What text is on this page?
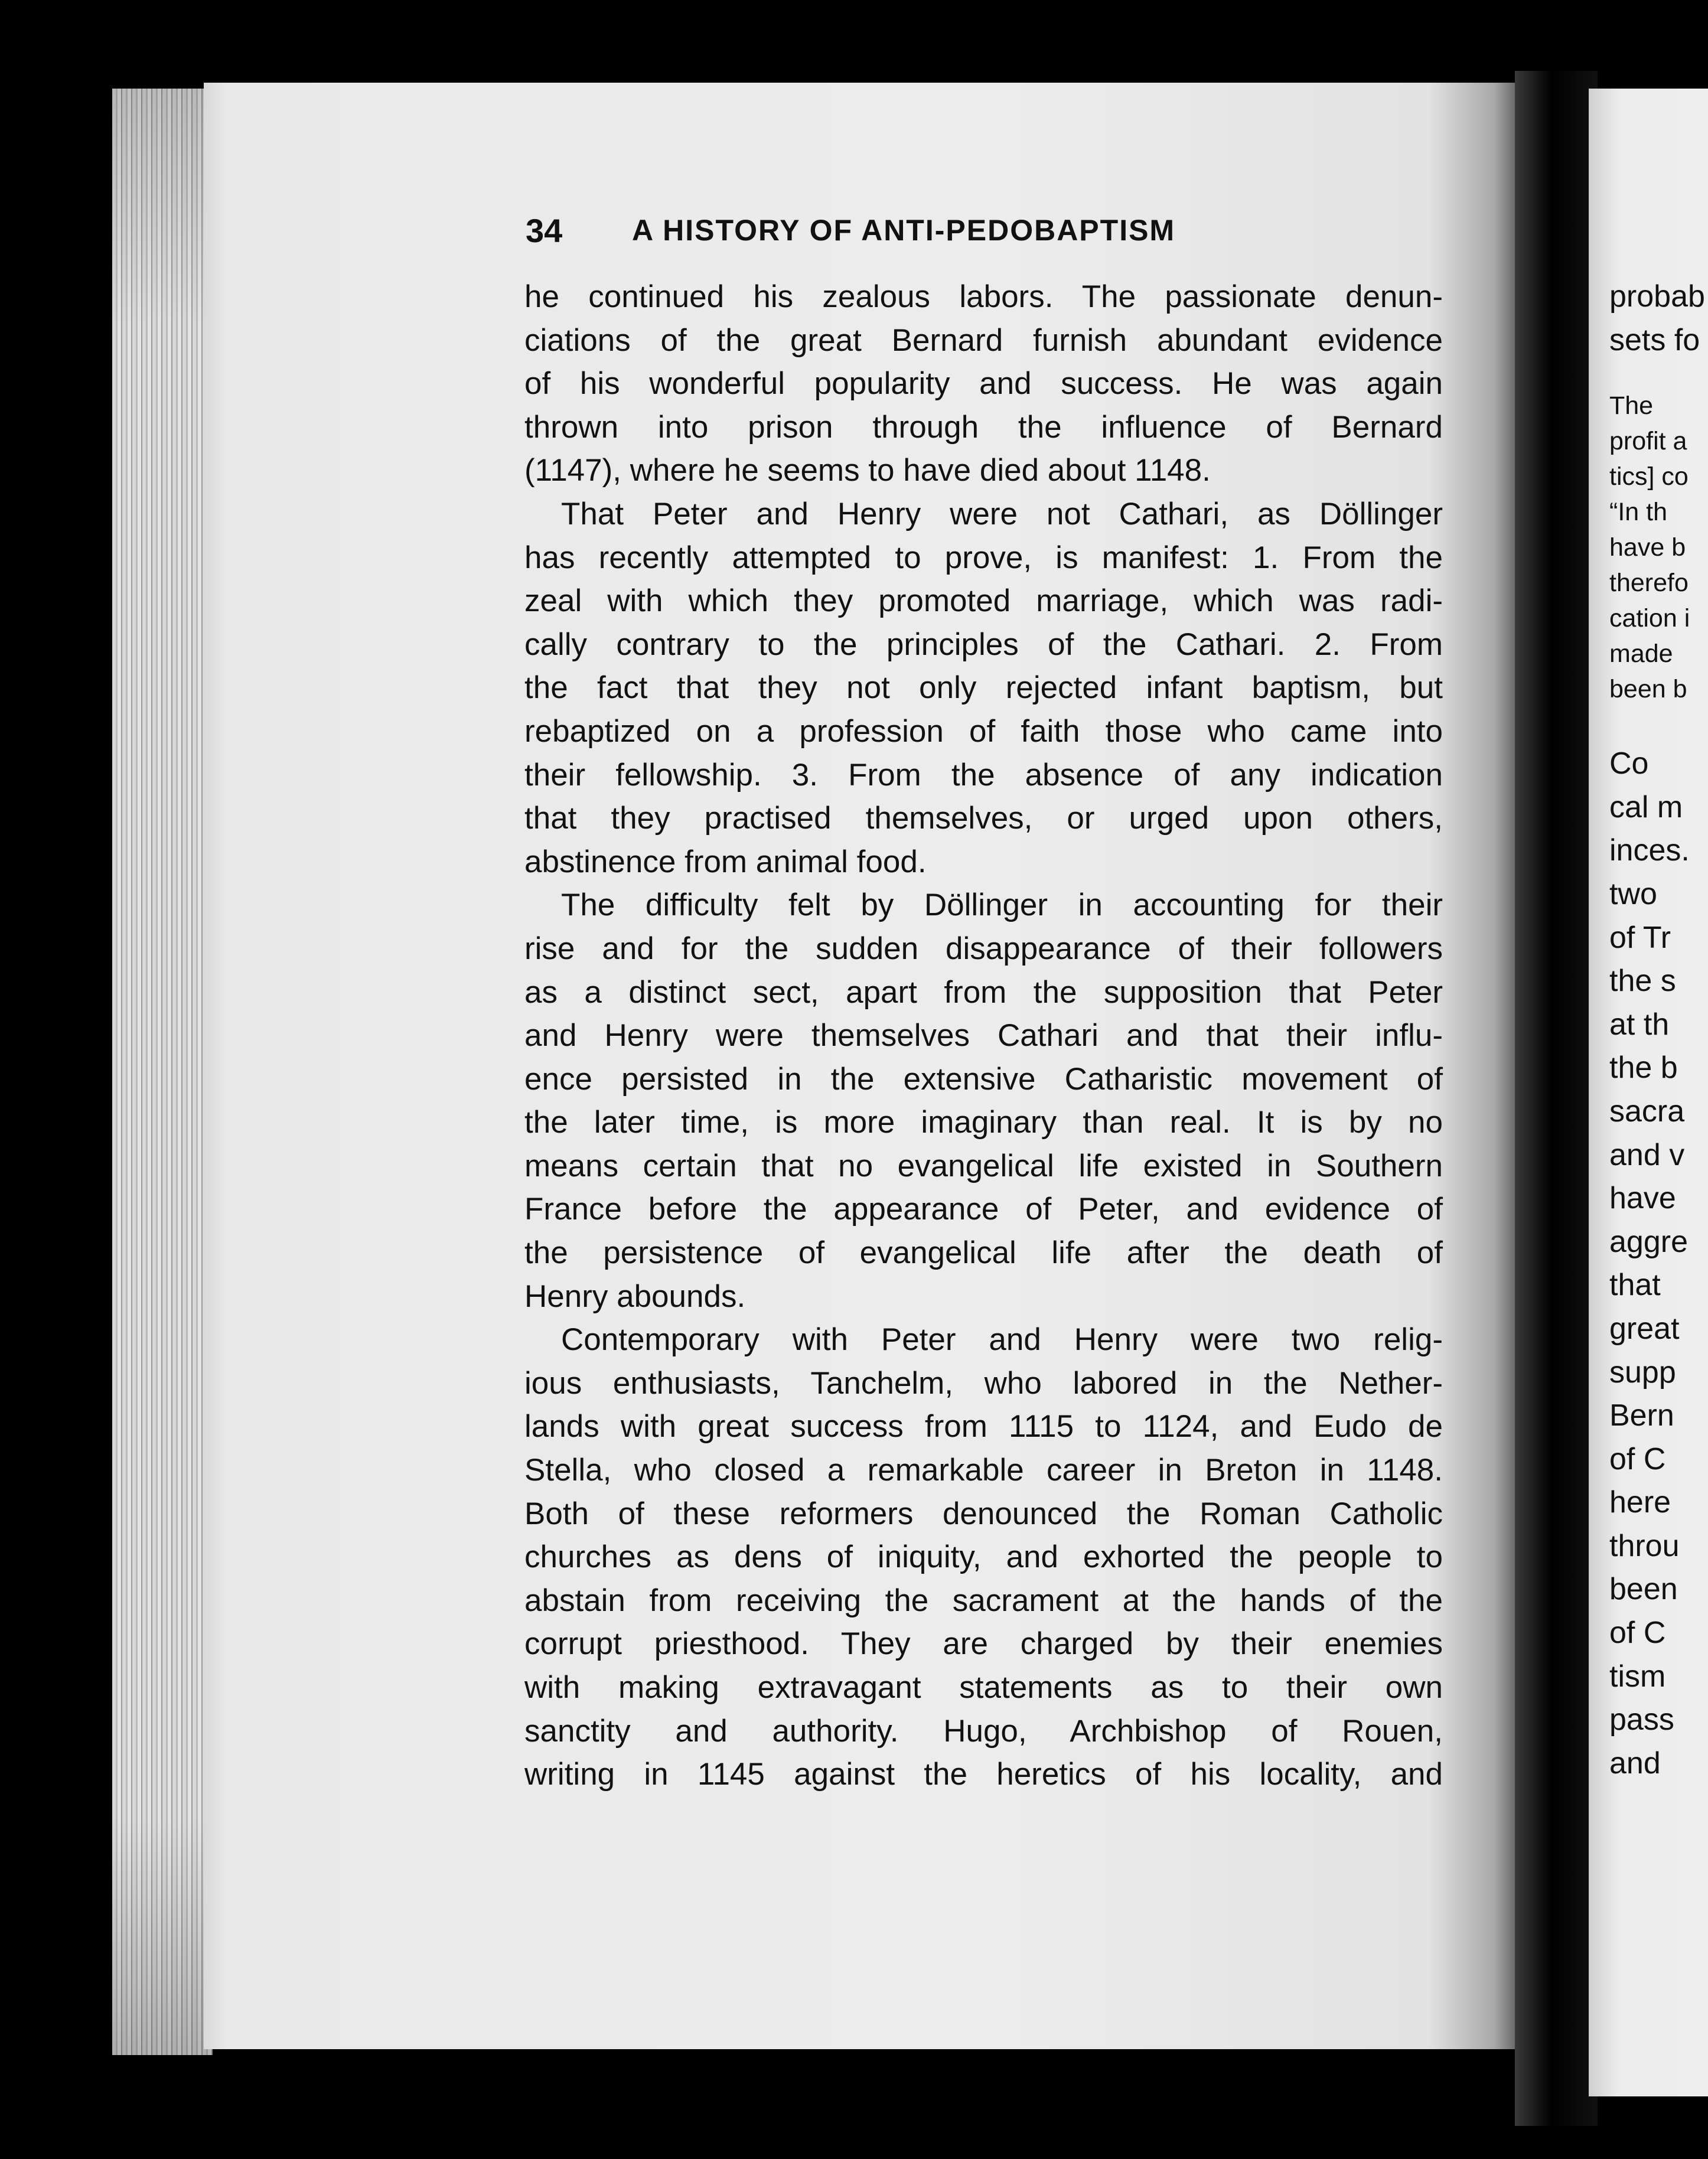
34	A HISTORY OF ANTI-PEDOBAPTISM
he continued his zealous labors. The passionate denun-
ciations of the great Bernard furnish abundant evidence
of his wonderful popularity and success. He was again
thrown into prison through the influence of Bernard
(1147), where he seems to have died about 1148.
That Peter and Henry were not Cathari, as Döllinger
has recently attempted to prove, is manifest: 1. From the
zeal with which they promoted marriage, which was radi-
cally contrary to the principles of the Cathari. 2. From
the fact that they not only rejected infant baptism, but
rebaptized on a profession of faith those who came into
their fellowship. 3. From the absence of any indication
that they practised themselves, or urged upon others,
abstinence from animal food.
The difficulty felt by Döllinger in accounting for their
rise and for the sudden disappearance of their followers
as a distinct sect, apart from the supposition that Peter
and Henry were themselves Cathari and that their influ-
ence persisted in the extensive Catharistic movement of
the later time, is more imaginary than real. It is by no
means certain that no evangelical life existed in Southern
France before the appearance of Peter, and evidence of
the persistence of evangelical life after the death of
Henry abounds.
Contemporary with Peter and Henry were two relig-
ious enthusiasts, Tanchelm, who labored in the Nether-
lands with great success from 1115 to 1124, and Eudo de
Stella, who closed a remarkable career in Breton in 1148.
Both of these reformers denounced the Roman Catholic
churches as dens of iniquity, and exhorted the people to
abstain from receiving the sacrament at the hands of the
corrupt priesthood. They are charged by their enemies
with making extravagant statements as to their own
sanctity and authority. Hugo, Archbishop of Rouen,
writing in 1145 against the heretics of his locality, and
probab
sets fo
The
profit a
tics] co
“In th
have b
therefo
cation i
made
been b
Co
cal m
inces.
two
of Tr
the s
at th
the b
sacra
and v
have
aggre
that
great
supp
Bern
of C
here
throu
been
of C
tism
pass
and
